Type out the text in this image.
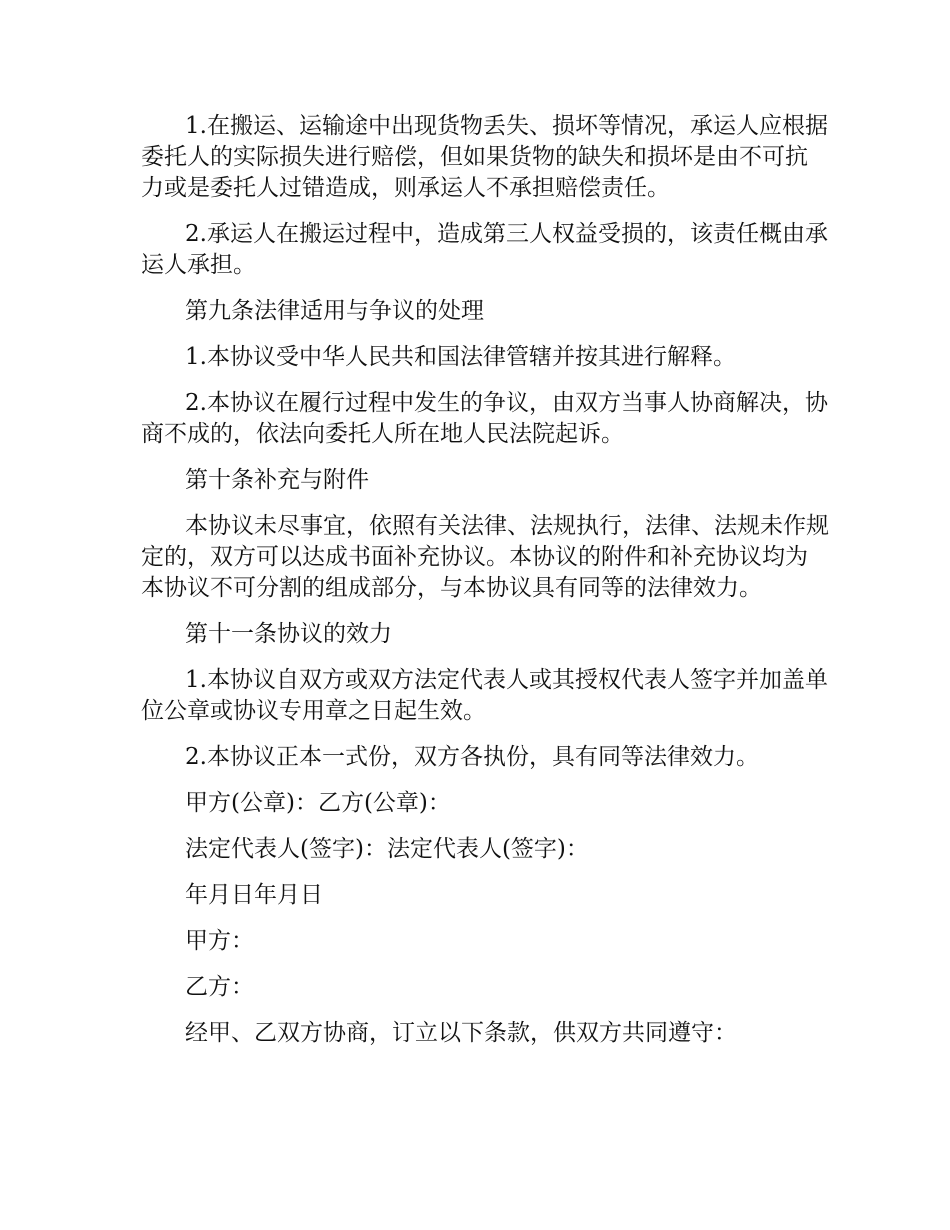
1.在搬运、运输途中出现货物丢失、损坏等情况，承运人应根据委托人的实际损失进行赔偿，但如果货物的缺失和损坏是由不可抗力或是委托人过错造成，则承运人不承担赔偿责任。

2.承运人在搬运过程中，造成第三人权益受损的，该责任概由承运人承担。

第九条法律适用与争议的处理

1.本协议受中华人民共和国法律管辖并按其进行解释。

2.本协议在履行过程中发生的争议，由双方当事人协商解决，协商不成的，依法向委托人所在地人民法院起诉。

第十条补充与附件

本协议未尽事宜，依照有关法律、法规执行，法律、法规未作规定的，双方可以达成书面补充协议。本协议的附件和补充协议均为本协议不可分割的组成部分，与本协议具有同等的法律效力。

第十一条协议的效力

1.本协议自双方或双方法定代表人或其授权代表人签字并加盖单位公章或协议专用章之日起生效。

2.本协议正本一式份，双方各执份，具有同等法律效力。

甲方(公章)：乙方(公章)：

法定代表人(签字)：法定代表人(签字)：

年月日年月日

甲方：

乙方：

经甲、乙双方协商，订立以下条款，供双方共同遵守：
